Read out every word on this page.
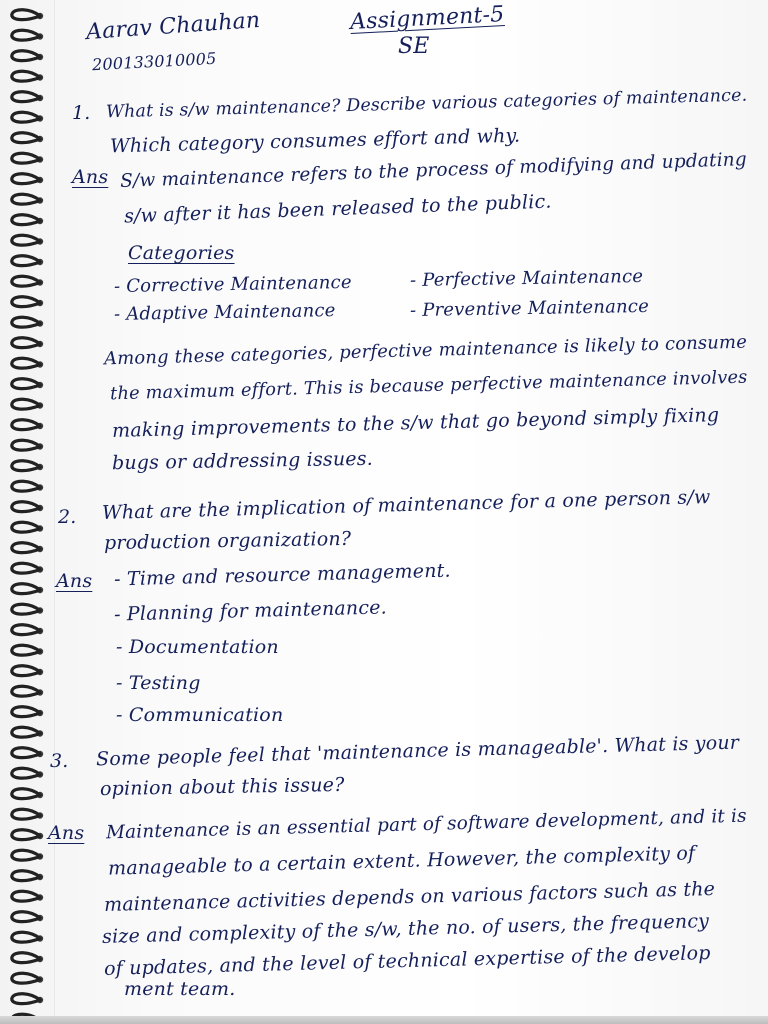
Aarav Chauhan
200133010005
Assignment-5
SE
1. What is s/w maintenance? Describe various categories of maintenance.
Which category consumes effort and why.
Ans S/w maintenance refers to the process of modifying and updating
s/w after it has been released to the public.
Categories
- Corrective Maintenance
- Adaptive Maintenance
- Perfective Maintenance
- Preventive Maintenance
Among these categories, perfective maintenance is likely to consume
the maximum effort. This is because perfective maintenance involves
making improvements to the s/w that go beyond simply fixing
bugs or addressing issues.
2. What are the implication of maintenance for a one person s/w
production organization?
Ans - Time and resource management.
- Planning for maintenance.
- Documentation
- Testing
- Communication
3. Some people feel that 'maintenance is manageable'. What is your
opinion about this issue?
Ans Maintenance is an essential part of software development, and it is
manageable to a certain extent. However, the complexity of
maintenance activities depends on various factors such as the
size and complexity of the s/w, the no. of users, the frequency
of updates, and the level of technical expertise of the develop
ment team.
